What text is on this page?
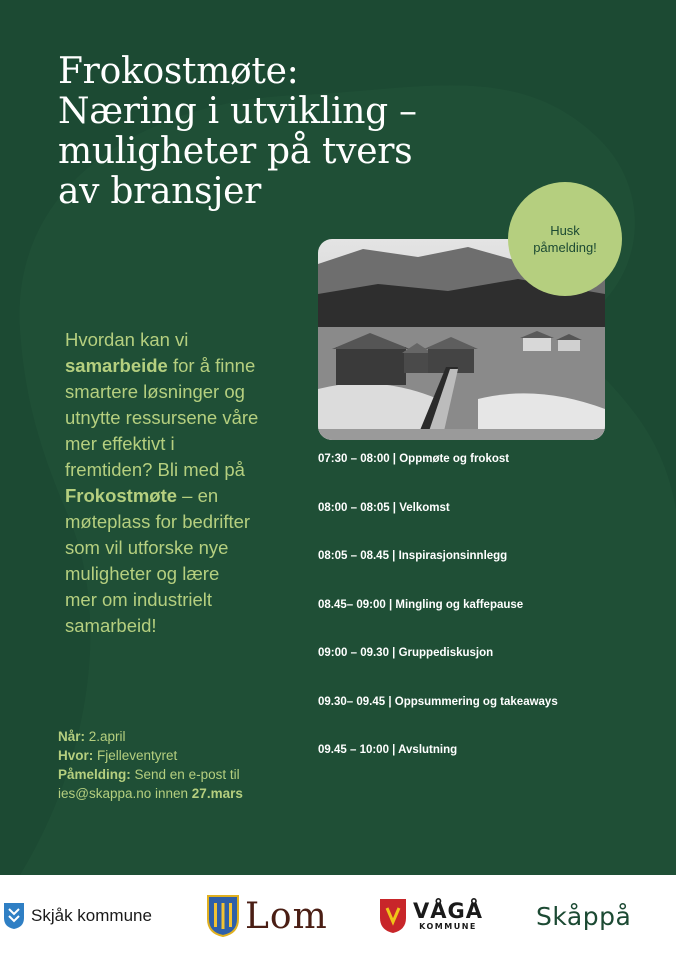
Frokostmøte:
Næring i utvikling –
muligheter på tvers
av bransjer
Husk
påmelding!
Hvordan kan vi
samarbeide for å finne
smartere løsninger og
utnytte ressursene våre
mer effektivt i
fremtiden? Bli med på
Frokostmøte – en
møteplass for bedrifter
som vil utforske nye
muligheter og lære
mer om industrielt
samarbeid!
07:30 – 08:00 | Oppmøte og frokost
08:00 – 08:05 | Velkomst
08:05 – 08.45 | Inspirasjonsinnlegg
08.45– 09:00 | Mingling og kaffepause
09:00 – 09.30 | Gruppediskusjon
09.30– 09.45 | Oppsummering og takeaways
09.45 – 10:00 | Avslutning
Når: 2.april
Hvor: Fjelleventyret
Påmelding: Send en e-post til
ies@skappa.no innen 27.mars
Skjåk kommune	Lom	VÅGÅ
KOMMUNE Skåppå
